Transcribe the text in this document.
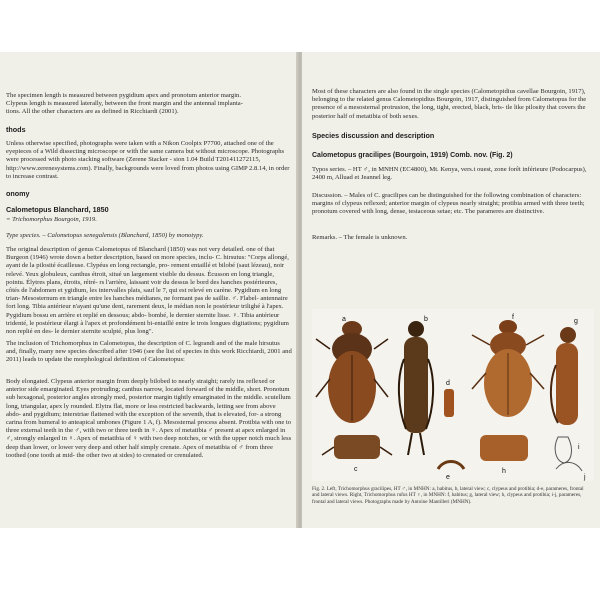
The specimen length is measured between pygidium apex and pronotum anterior margin.
Clypeus length is measured laterally, between the front margin and the antennal implanta-
tions. All the other characters are as defined in Ricchiardi (2001).
thods
Unless otherwise specified, photographs were taken with a Nikon Coolpix P7700, attached one of the eyepieces of a Wild dissecting microscope or with the same camera but without microscope. Photographs were processed with photo stacking software (Zerene Stacker - sion 1.04 Build T201411272115, http://www.zerenesystems.com). Finally, backgrounds were loved from photos using GIMP 2.8.14, in order to increase contrast.
onomy
Calometopus Blanchard, 1850
= Trichomorphus Bourgoin, 1919.
Type species. – Calometopus senegalensis (Blanchard, 1850) by monotypy.
The original description of genus Calometopus of Blanchard (1850) was not very detailed. one of that Burgeon (1946) wrote down a better description, based on more species, inclu- C. hirsutus: "Corps allongé, ayant de la pilosité écailleuse. Clypéus en long rectangle, pro- rement entaillé et bilobé (saut lézeau), noir relevé. Yeux globuleux, canthus étroit, situé un largement visible du dessus. Écusson en long triangle, pointu. Élytres plans, étroits, rétré- rs l'arrière, laissant voir du dessus le bord des hanches postérieures, côtés de l'abdomen et ygidium, les intervalles plats, sauf le 7, qui est relevé en carène. Pygidium en long trian- Mesosternum en triangle entre les hanches médianes, ne formant pas de saillie. ♂. Flabel- antennaire fort long. Tibia antérieur n'ayant qu'une dent, rarement deux, le médian non le postérieur trilighé à l'apex. Pygidium bossu en arrière et replié en dessous; abdo- bombé, le dernier sternite lisse. ♀. Tibia antérieur tridenté, le postérieur élargi à l'apex et profondément bi-entaillé entre le trois longues digitations; pygidium non replié en des- le dernier sternite sculpté, plus long".
The inclusion of Trichomorphus in Calometopus, the description of C. legrandi and of the male hirsutus and, finally, many new species described after 1946 (see the list of species in this work Ricchiardi, 2001 and 2011) leads to update the morphological definition of Calometopus:
Body elongated. Clypeus anterior margin from deeply bilobed to nearly straight; rarely ins reflexed or anterior side emarginated. Eyes protruding; canthus narrow, located forward of the middle, short. Pronotum sub hexagonal, posterior angles strongly med, posterior margin tightly emarginated in the middle. scutellum long, triangular, apex ly rounded. Elytra flat, more or less restricted backwards, letting see from above abdo- and pygidium; interstriae flattened with the exception of the seventh, that is elevated, for- a strong carina from humeral to anteapical umbones (Figure 1 A, f). Mesosternal process absent. Protibia with one to three external teeth in the ♂, with two or three teeth in ♀. Apex of metatibia ♂ present at apex enlarged in ♂, strongly enlarged in ♀. Apex of metatibia of ♀ with two deep notches, or with the upper notch much less deep than lower, or lower very deep and other half simply crenate. Apex of metatibia of ♂ from three toothed (one tooth at mid- the other two at sides) to crenated or crenulated.
Most of these characters are also found in the single species (Calometopidius cavellae Bourgoin, 1917), belonging to the related genus Calometopidius Bourgoin, 1917, distinguished from Calometopus for the presence of a mesosternal protrusion, the long, tight, erected, black, bris- tle like pilosity that covers the posterior half of metatibia of both sexes.
Species discussion and description
Calometopus gracilipes (Bourgoin, 1919) Comb. nov. (Fig. 2)
Typos series. – HT ♂, in MNHN (EC4800), Mt. Kenya, vers.t ouest, zone forêt inférieure (Podocarpus), 2400 m, Alluad et Jeannel leg.
Discussion. – Males of C. gracilipes can be distinguished for the following combination of characters: margins of clypeus reflexed; anterior margin of clypeus nearly straight; protibia armed with three teeth; pronotum covered with long, dense, testaceous setae; etc. The parameres are distinctive.
Remarks. – The female is unknown.
a	b
c
d
e
f
g
h
i
j
Fig. 2. Left, Trichomorphus gracilipes, HT ♂, in MNHN: a, habitus, b, lateral view; c, clypeus and protibia; d-e, parameres, frontal and lateral views. Right, Trichomorphus rufus HT ♀, in MNHN: f, habitus; g, lateral view; h, clypeus and protibia; i-j, parameres, frontal and lateral views. Photographs made by Antoine Mantilleri (MNHN).
